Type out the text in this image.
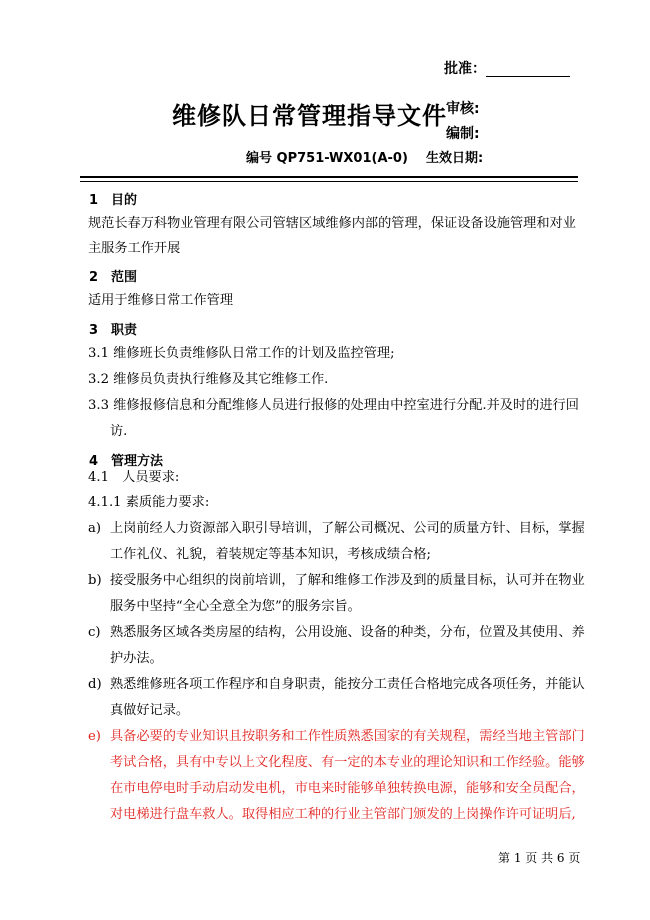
批准：
维修队日常管理指导文件 审核:
编制:
编号 QP751-WX01(A-0) 生效日期:
1　目的
规范长春万科物业管理有限公司管辖区域维修内部的管理，保证设备设施管理和对业
主服务工作开展
2　范围
适用于维修日常工作管理
3　职责
3.1 维修班长负责维修队日常工作的计划及监控管理;
3.2 维修员负责执行维修及其它维修工作.
3.3 维修报修信息和分配维修人员进行报修的处理由中控室进行分配.并及时的进行回
访.
4　管理方法
4.1　人员要求:
4.1.1 素质能力要求:
a) 上岗前经人力资源部入职引导培训，了解公司概况、公司的质量方针、目标，掌握
工作礼仪、礼貌，着装规定等基本知识，考核成绩合格;
b) 接受服务中心组织的岗前培训，了解和维修工作涉及到的质量目标，认可并在物业
服务中坚持“全心全意全为您”的服务宗旨。
c) 熟悉服务区域各类房屋的结构，公用设施、设备的种类，分布，位置及其使用、养
护办法。
d) 熟悉维修班各项工作程序和自身职责，能按分工责任合格地完成各项任务，并能认
真做好记录。
e) 具备必要的专业知识且按职务和工作性质熟悉国家的有关规程，需经当地主管部门
考试合格，具有中专以上文化程度、有一定的本专业的理论知识和工作经验。能够
在市电停电时手动启动发电机，市电来时能够单独转换电源，能够和安全员配合，
对电梯进行盘车救人。取得相应工种的行业主管部门颁发的上岗操作许可证明后,
第 1 页 共 6 页
